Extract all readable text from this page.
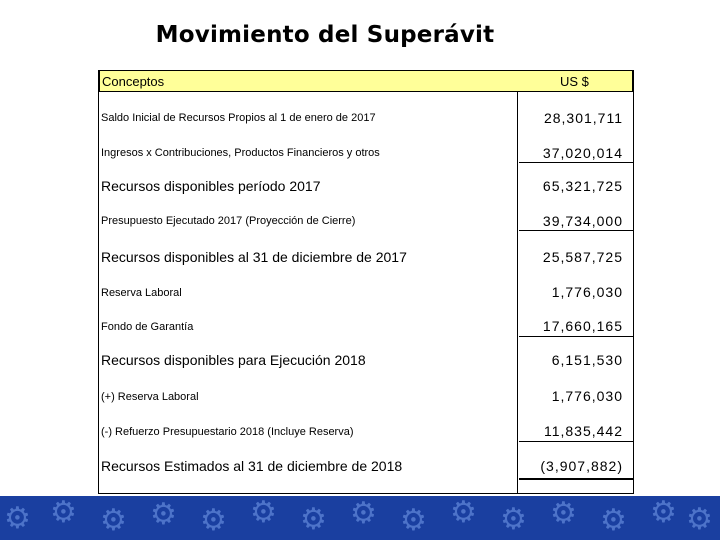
Movimiento del Superávit
Conceptos	US $
Saldo Inicial de Recursos Propios al 1 de enero de 2017	28,301,711
Ingresos x Contribuciones, Productos Financieros y otros	37,020,014
Recursos disponibles período 2017	65,321,725
Presupuesto Ejecutado 2017 (Proyección de Cierre)	39,734,000
Recursos disponibles al 31 de diciembre de 2017	25,587,725
Reserva Laboral	1,776,030
Fondo de Garantía	17,660,165
Recursos disponibles para Ejecución 2018	6,151,530
(+) Reserva Laboral	1,776,030
(-) Refuerzo Presupuestario 2018 (Incluye Reserva)	11,835,442
Recursos Estimados al 31 de diciembre de 2018	(3,907,882)
⚙ ⚙ ⚙ ⚙ ⚙ ⚙ ⚙ ⚙ ⚙ ⚙ ⚙ ⚙ ⚙ ⚙ ⚙
